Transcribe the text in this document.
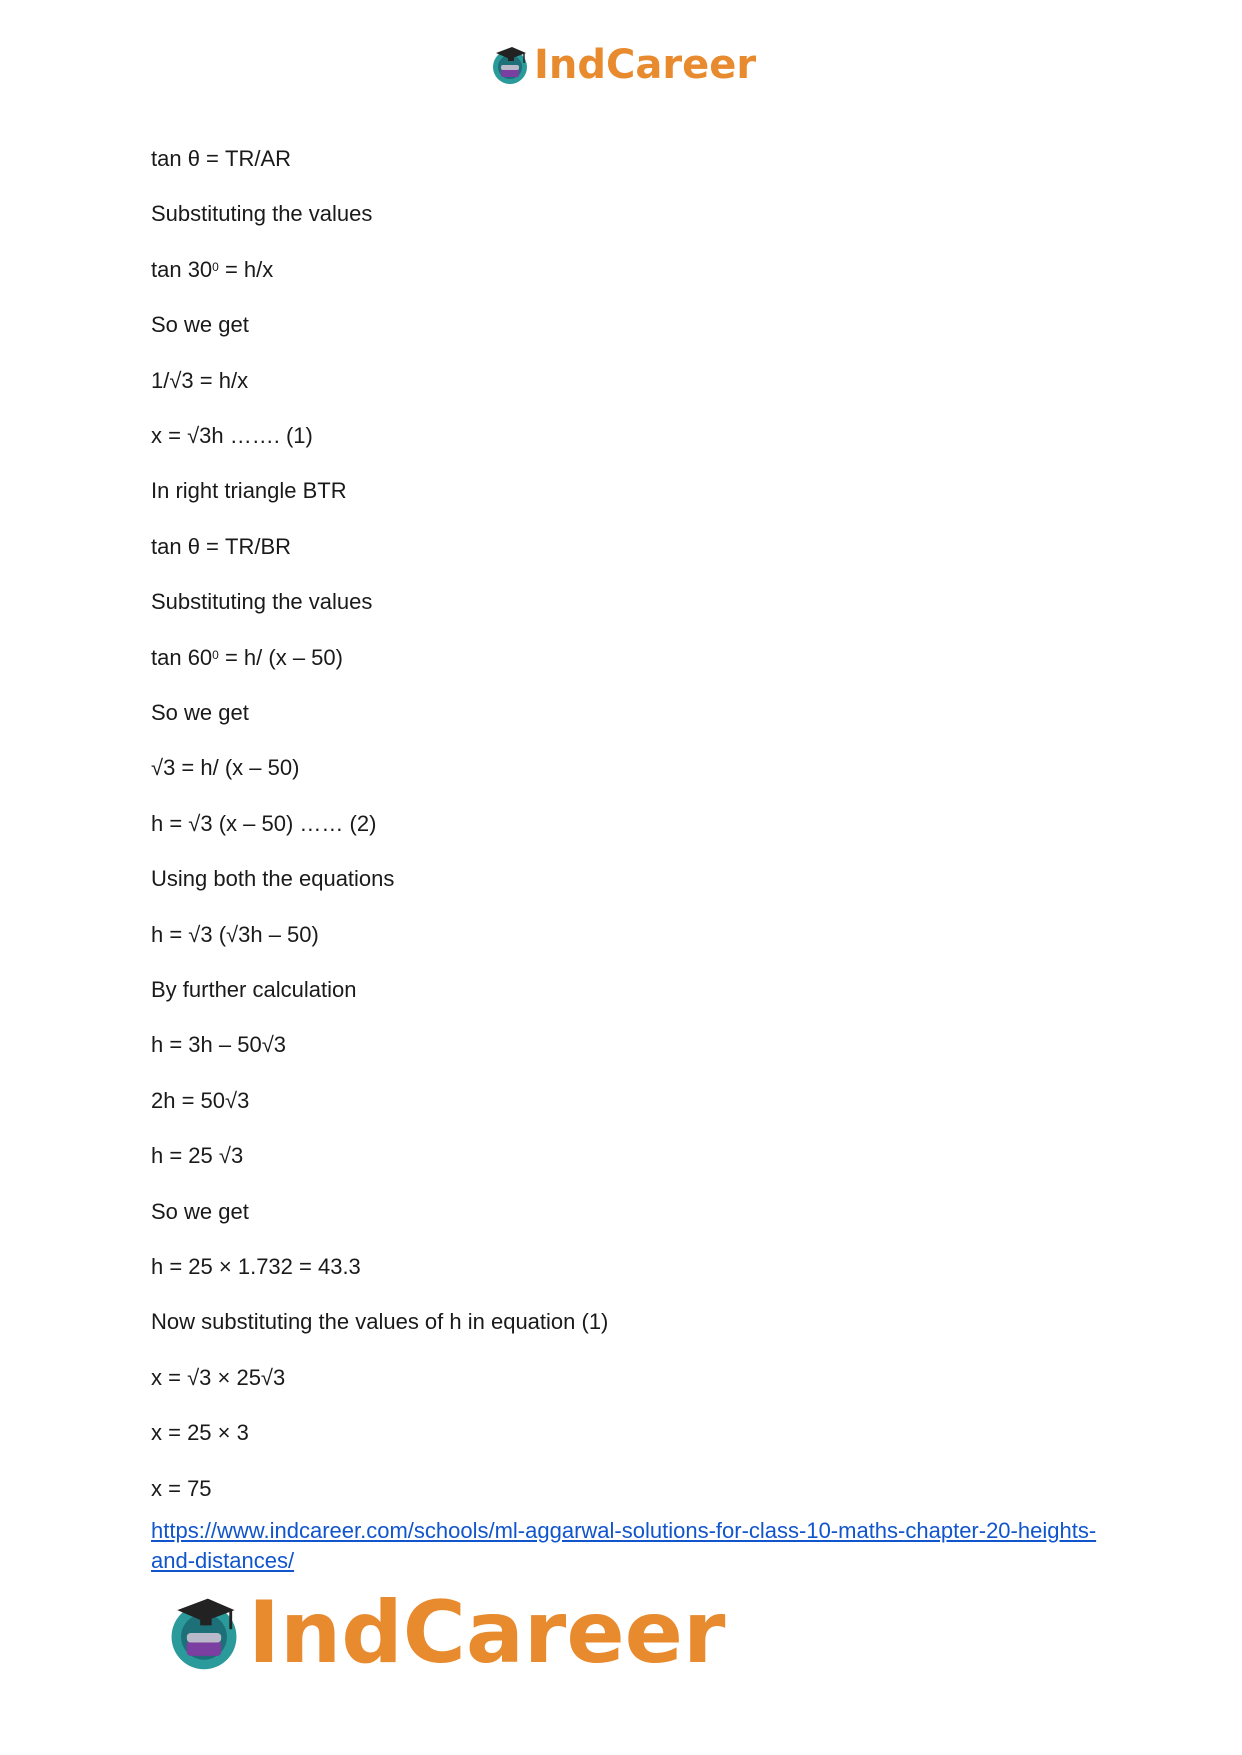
IndCareer
tan θ = TR/AR
Substituting the values
$\tan 30^0 = h/x$
So we get
1/√3 = h/x
x = √3h ……. (1)
In right triangle BTR
tan θ = TR/BR
Substituting the values
$\tan 60^0 = h/$ (x – 50)
So we get
√3 = h/ (x – 50)
h = √3 (x – 50) …… (2)
Using both the equations
h = √3 (√3h – 50)
By further calculation
h = 3h – 50√3
2h = 50√3
h = 25 √3
So we get
h = 25 × 1.732 = 43.3
Now substituting the values of h in equation (1)
x = √3 × 25√3
x = 25 × 3
x = 75
https://www.indcareer.com/schools/ml-aggarwal-solutions-for-class-10-maths-chapter-20-heights-and-distances/
IndCareer
